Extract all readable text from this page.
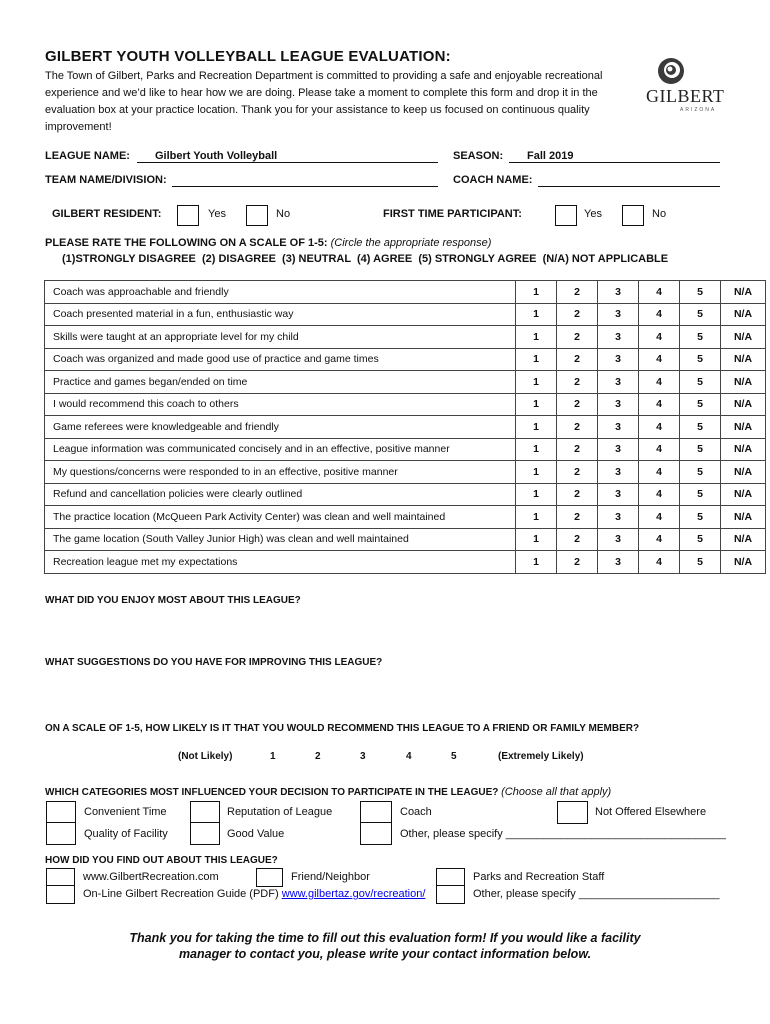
GILBERT YOUTH VOLLEYBALL LEAGUE EVALUATION:
The Town of Gilbert, Parks and Recreation Department is committed to providing a safe and enjoyable recreational experience and we’d like to hear how we are doing. Please take a moment to complete this form and drop it in the evaluation box at your practice location. Thank you for your assistance to keep us focused on continuous quality improvement!
GILBERT
ARIZONA
LEAGUE NAME: Gilbert Youth Volleyball	SEASON: Fall 2019
TEAM NAME/DIVISION:	COACH NAME:
GILBERT RESIDENT:	Yes	No	FIRST TIME PARTICIPANT:	Yes	No
PLEASE RATE THE FOLLOWING ON A SCALE OF 1-5: (Circle the appropriate response)
(1)STRONGLY DISAGREE  (2) DISAGREE  (3) NEUTRAL  (4) AGREE  (5) STRONGLY AGREE  (N/A) NOT APPLICABLE
Coach was approachable and friendly	1	2	3	4	5	N/A
Coach presented material in a fun, enthusiastic way	1	2	3	4	5	N/A
Skills were taught at an appropriate level for my child	1	2	3	4	5	N/A
Coach was organized and made good use of practice and game times	1	2	3	4	5	N/A
Practice and games began/ended on time	1	2	3	4	5	N/A
I would recommend this coach to others	1	2	3	4	5	N/A
Game referees were knowledgeable and friendly	1	2	3	4	5	N/A
League information was communicated concisely and in an effective, positive manner	1	2	3	4	5	N/A
My questions/concerns were responded to in an effective, positive manner	1	2	3	4	5	N/A
Refund and cancellation policies were clearly outlined	1	2	3	4	5	N/A
The practice location (McQueen Park Activity Center) was clean and well maintained	1	2	3	4	5	N/A
The game location (South Valley Junior High) was clean and well maintained	1	2	3	4	5	N/A
Recreation league met my expectations	1	2	3	4	5	N/A
WHAT DID YOU ENJOY MOST ABOUT THIS LEAGUE?
WHAT SUGGESTIONS DO YOU HAVE FOR IMPROVING THIS LEAGUE?
ON A SCALE OF 1-5, HOW LIKELY IS IT THAT YOU WOULD RECOMMEND THIS LEAGUE TO A FRIEND OR FAMILY MEMBER?
(Not Likely)	1	2	3	4	5	(Extremely Likely)
WHICH CATEGORIES MOST INFLUENCED YOUR DECISION TO PARTICIPATE IN THE LEAGUE? (Choose all that apply)
Convenient Time
Quality of Facility
Reputation of League
Good Value
Coach
Other, please specify ____________________________________
Not Offered Elsewhere
HOW DID YOU FIND OUT ABOUT THIS LEAGUE?
www.GilbertRecreation.com
On-Line Gilbert Recreation Guide (PDF) www.gilbertaz.gov/recreation/
Friend/Neighbor	Parks and Recreation Staff
Other, please specify _______________________
Thank you for taking the time to fill out this evaluation form! If you would like a facility manager to contact you, please write your contact information below.
